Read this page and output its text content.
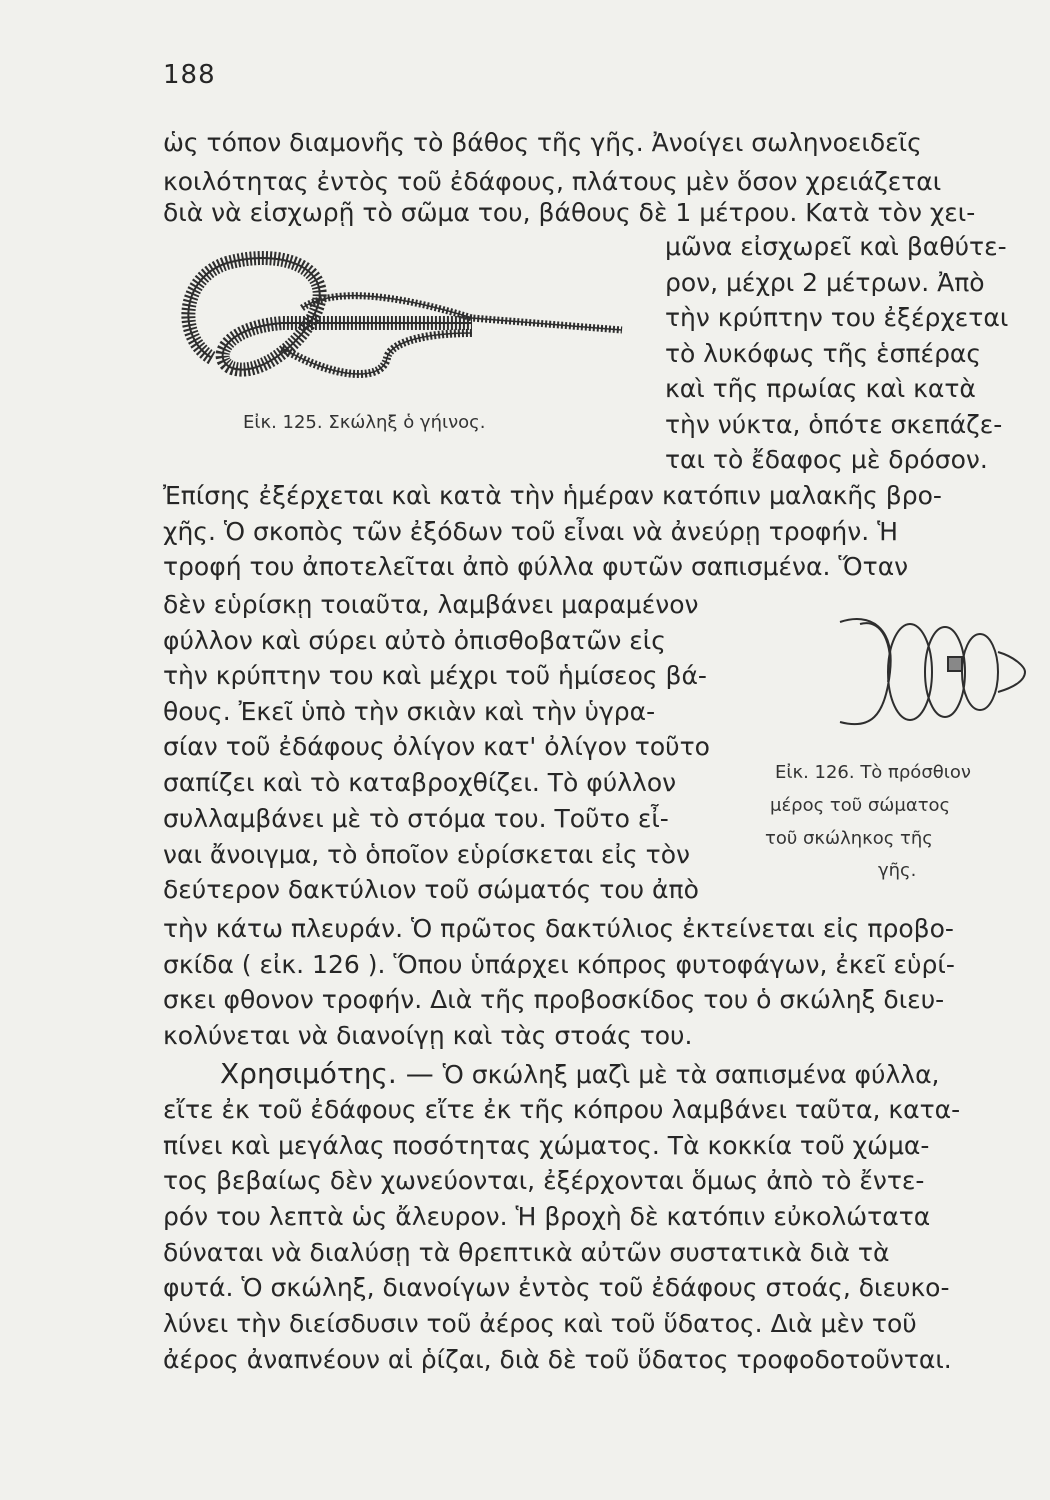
188
ὡς τόπον διαμονῆς τὸ βάθος τῆς γῆς. Ἀνοίγει σωληνοειδεῖς
κοιλότητας ἐντὸς τοῦ ἐδάφους, πλάτους μὲν ὅσον χρειάζεται
διὰ νὰ εἰσχωρῇ τὸ σῶμα του, βάθους δὲ 1 μέτρου. Κατὰ τὸν χει-
Εἰκ. 125. Σκώληξ ὁ γήινος.
μῶνα εἰσχωρεῖ καὶ βαθύτε-
ρον, μέχρι 2 μέτρων. Ἀπὸ
τὴν κρύπτην του ἐξέρχεται
τὸ λυκόφως τῆς ἑσπέρας
καὶ τῆς πρωίας καὶ κατὰ
τὴν νύκτα, ὁπότε σκεπάζε-
ται τὸ ἔδαφος μὲ δρόσον.
Ἐπίσης ἐξέρχεται καὶ κατὰ τὴν ἡμέραν κατόπιν μαλακῆς βρο-
χῆς. Ὁ σκοπὸς τῶν ἐξόδων τοῦ εἶναι νὰ ἀνεύρῃ τροφήν. Ἡ
τροφή του ἀποτελεῖται ἀπὸ φύλλα φυτῶν σαπισμένα. Ὅταν
δὲν εὑρίσκῃ τοιαῦτα, λαμβάνει μαραμένον
φύλλον καὶ σύρει αὐτὸ ὀπισθοβατῶν εἰς
τὴν κρύπτην του καὶ μέχρι τοῦ ἡμίσεος βά-
θους. Ἐκεῖ ὑπὸ τὴν σκιὰν καὶ τὴν ὑγρα-
σίαν τοῦ ἐδάφους ὀλίγον κατ' ὀλίγον τοῦτο
σαπίζει καὶ τὸ καταβροχθίζει. Τὸ φύλλον
συλλαμβάνει μὲ τὸ στόμα του. Τοῦτο εἶ-
ναι ἄνοιγμα, τὸ ὁποῖον εὑρίσκεται εἰς τὸν
δεύτερον δακτύλιον τοῦ σώματός του ἀπὸ
Εἰκ. 126. Τὸ πρόσθιον
μέρος τοῦ σώματος
τοῦ σκώληκος τῆς
γῆς.
τὴν κάτω πλευράν. Ὁ πρῶτος δακτύλιος ἐκτείνεται εἰς προβο-
σκίδα ( εἰκ. 126 ). Ὅπου ὑπάρχει κόπρος φυτοφάγων, ἐκεῖ εὑρί-
σκει φθονον τροφήν. Διὰ τῆς προβοσκίδος του ὁ σκώληξ διευ-
κολύνεται νὰ διανοίγῃ καὶ τὰς στοάς του.
Χρησιμότης. — Ὁ σκώληξ μαζὶ μὲ τὰ σαπισμένα φύλλα,
εἴτε ἐκ τοῦ ἐδάφους εἴτε ἐκ τῆς κόπρου λαμβάνει ταῦτα, κατα-
πίνει καὶ μεγάλας ποσότητας χώματος. Τὰ κοκκία τοῦ χώμα-
τος βεβαίως δὲν χωνεύονται, ἐξέρχονται ὅμως ἀπὸ τὸ ἔντε-
ρόν του λεπτὰ ὡς ἄλευρον. Ἡ βροχὴ δὲ κατόπιν εὐκολώτατα
δύναται νὰ διαλύσῃ τὰ θρεπτικὰ αὐτῶν συστατικὰ διὰ τὰ
φυτά. Ὁ σκώληξ, διανοίγων ἐντὸς τοῦ ἐδάφους στοάς, διευκο-
λύνει τὴν διείσδυσιν τοῦ ἀέρος καὶ τοῦ ὕδατος. Διὰ μὲν τοῦ
ἀέρος ἀναπνέουν αἱ ῥίζαι, διὰ δὲ τοῦ ὕδατος τροφοδοτοῦνται.
